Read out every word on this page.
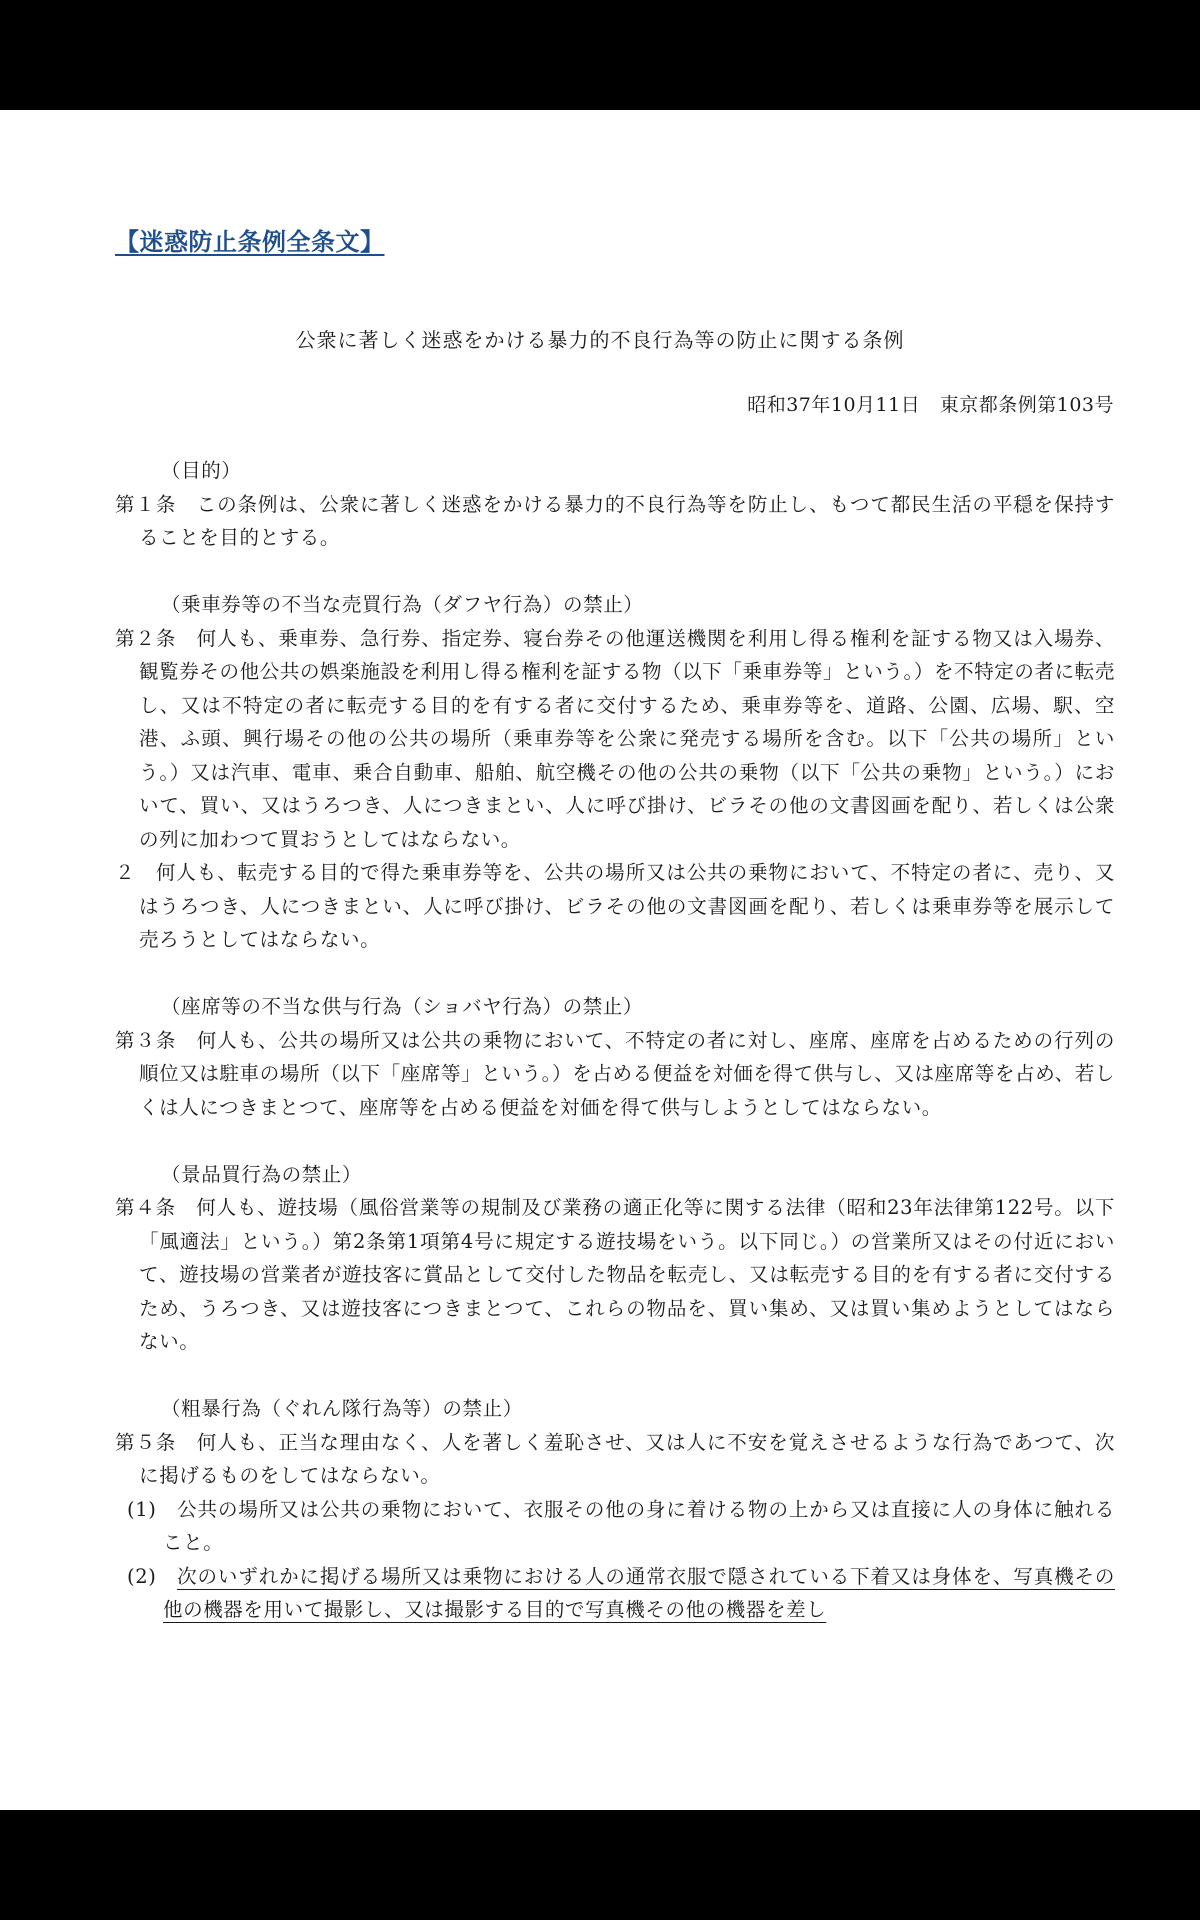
【迷惑防止条例全条文】
公衆に著しく迷惑をかける暴力的不良行為等の防止に関する条例
昭和37年10月11日　東京都条例第103号

（目的）

第１条　この条例は、公衆に著しく迷惑をかける暴力的不良行為等を防止し、もつて都民生活の平穏を保持することを目的とする。

（乗車券等の不当な売買行為（ダフヤ行為）の禁止）

第２条　何人も、乗車券、急行券、指定券、寝台券その他運送機関を利用し得る権利を証する物又は入場券、観覧券その他公共の娯楽施設を利用し得る権利を証する物（以下「乗車券等」という。）を不特定の者に転売し、又は不特定の者に転売する目的を有する者に交付するため、乗車券等を、道路、公園、広場、駅、空港、ふ頭、興行場その他の公共の場所（乗車券等を公衆に発売する場所を含む。以下「公共の場所」という。）又は汽車、電車、乗合自動車、船舶、航空機その他の公共の乗物（以下「公共の乗物」という。）において、買い、又はうろつき、人につきまとい、人に呼び掛け、ビラその他の文書図画を配り、若しくは公衆の列に加わつて買おうとしてはならない。

２　何人も、転売する目的で得た乗車券等を、公共の場所又は公共の乗物において、不特定の者に、売り、又はうろつき、人につきまとい、人に呼び掛け、ビラその他の文書図画を配り、若しくは乗車券等を展示して売ろうとしてはならない。

（座席等の不当な供与行為（ショバヤ行為）の禁止）

第３条　何人も、公共の場所又は公共の乗物において、不特定の者に対し、座席、座席を占めるための行列の順位又は駐車の場所（以下「座席等」という。）を占める便益を対価を得て供与し、又は座席等を占め、若しくは人につきまとつて、座席等を占める便益を対価を得て供与しようとしてはならない。

（景品買行為の禁止）

第４条　何人も、遊技場（風俗営業等の規制及び業務の適正化等に関する法律（昭和23年法律第122号。以下「風適法」という。）第2条第1項第4号に規定する遊技場をいう。以下同じ。）の営業所又はその付近において、遊技場の営業者が遊技客に賞品として交付した物品を転売し、又は転売する目的を有する者に交付するため、うろつき、又は遊技客につきまとつて、これらの物品を、買い集め、又は買い集めようとしてはならない。

（粗暴行為（ぐれん隊行為等）の禁止）

第５条　何人も、正当な理由なく、人を著しく羞恥させ、又は人に不安を覚えさせるような行為であつて、次に掲げるものをしてはならない。

(1)　 公共の場所又は公共の乗物において、衣服その他の身に着ける物の上から又は直接に人の身体に触れること。

(2)　 次のいずれかに掲げる場所又は乗物における人の通常衣服で隠されている下着又は身体を、写真機その他の機器を用いて撮影し、又は撮影する目的で写真機その他の機器を差し
